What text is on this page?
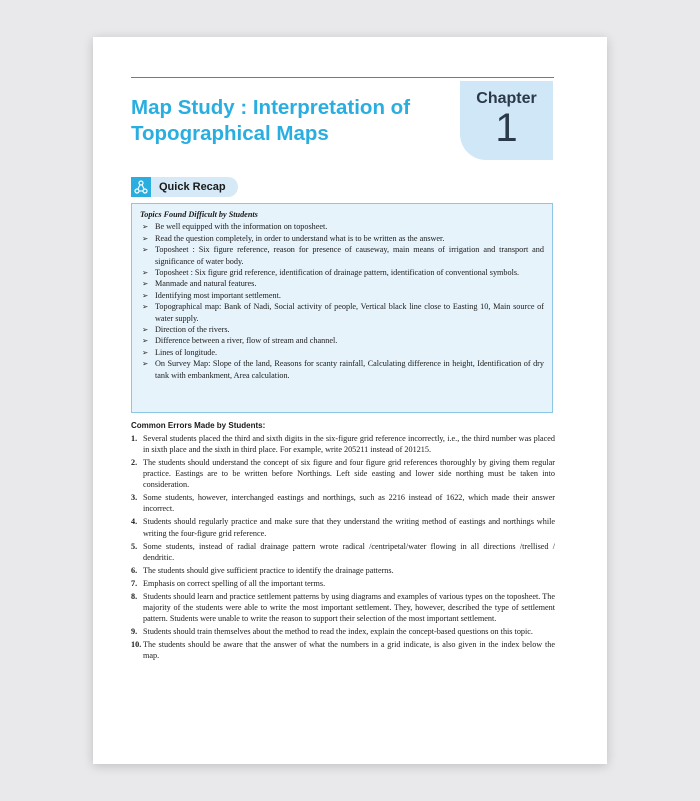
Chapter
1
Map Study : Interpretation of
Topographical Maps
Quick Recap
Topics Found Difficult by Students
➢ Be well equipped with the information on toposheet.
➢ Read the question completely, in order to understand what is to be written as the answer.
➢ Toposheet : Six figure reference, reason for presence of causeway, main means of irrigation and transport and significance of water body.
➢ Toposheet : Six figure grid reference, identification of drainage pattern, identification of conventional symbols.
➢ Manmade and natural features.
➢ Identifying most important settlement.
➢ Topographical map: Bank of Nadi, Social activity of people, Vertical black line close to Easting 10, Main source of water supply.
➢ Direction of the rivers.
➢ Difference between a river, flow of stream and channel.
➢ Lines of longitude.
➢ On Survey Map: Slope of the land, Reasons for scanty rainfall, Calculating difference in height, Identification of dry tank with embankment, Area calculation.
Common Errors Made by Students:
1. Several students placed the third and sixth digits in the six-figure grid reference incorrectly, i.e., the third number was placed in sixth place and the sixth in third place. For example, write 205211 instead of 201215.
2. The students should understand the concept of six figure and four figure grid references thoroughly by giving them regular practice. Eastings are to be written before Northings. Left side easting and lower side northing must be taken into consideration.
3. Some students, however, interchanged eastings and northings, such as 2216 instead of 1622, which made their answer incorrect.
4. Students should regularly practice and make sure that they understand the writing method of eastings and northings while writing the four-figure grid reference.
5. Some students, instead of radial drainage pattern wrote radical /centripetal/water flowing in all directions /trellised / dendritic.
6. The students should give sufficient practice to identify the drainage patterns.
7. Emphasis on correct spelling of all the important terms.
8. Students should learn and practice settlement patterns by using diagrams and examples of various types on the toposheet. The majority of the students were able to write the most important settlement. They, however, described the type of settlement pattern. Students were unable to write the reason to support their selection of the most important settlement.
9. Students should train themselves about the method to read the index, explain the concept-based questions on this topic.
10. The students should be aware that the answer of what the numbers in a grid indicate, is also given in the index below the map.
